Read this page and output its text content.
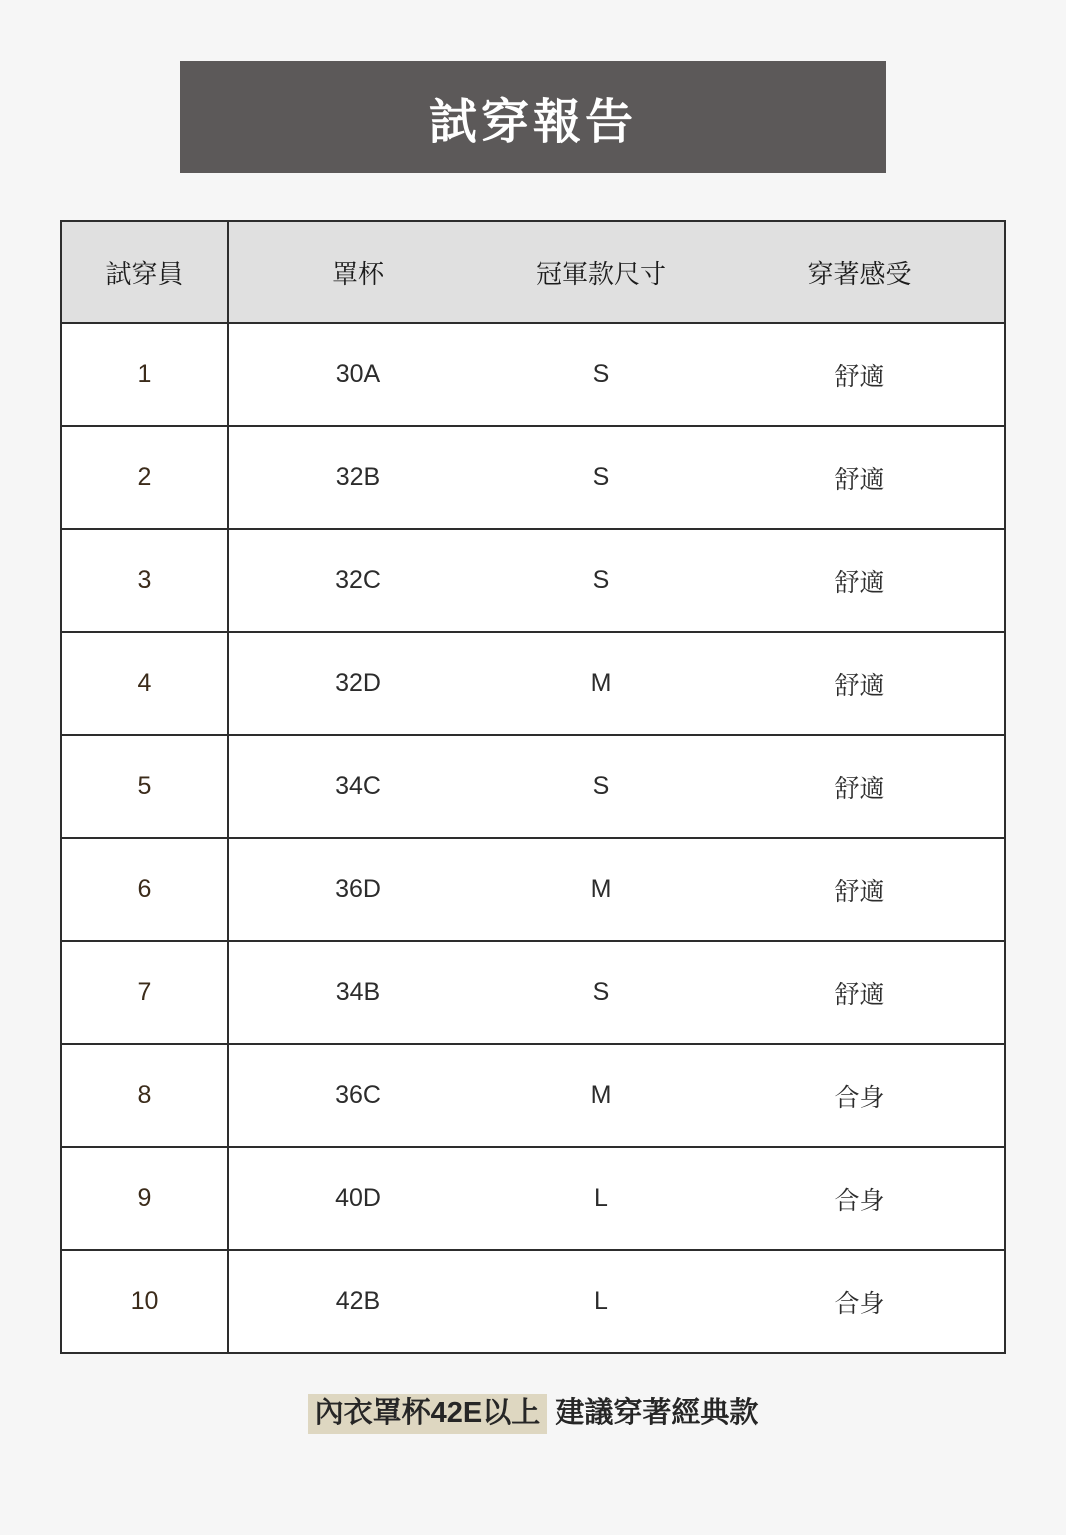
試穿報告
試穿員	罩杯	冠軍款尺寸	穿著感受
1	30A	S	舒適
2	32B	S	舒適
3	32C	S	舒適
4	32D	M	舒適
5	34C	S	舒適
6	36D	M	舒適
7	34B	S	舒適
8	36C	M	合身
9	40D	L	合身
10	42B	L	合身

內衣罩杯42E以上 建議穿著經典款
